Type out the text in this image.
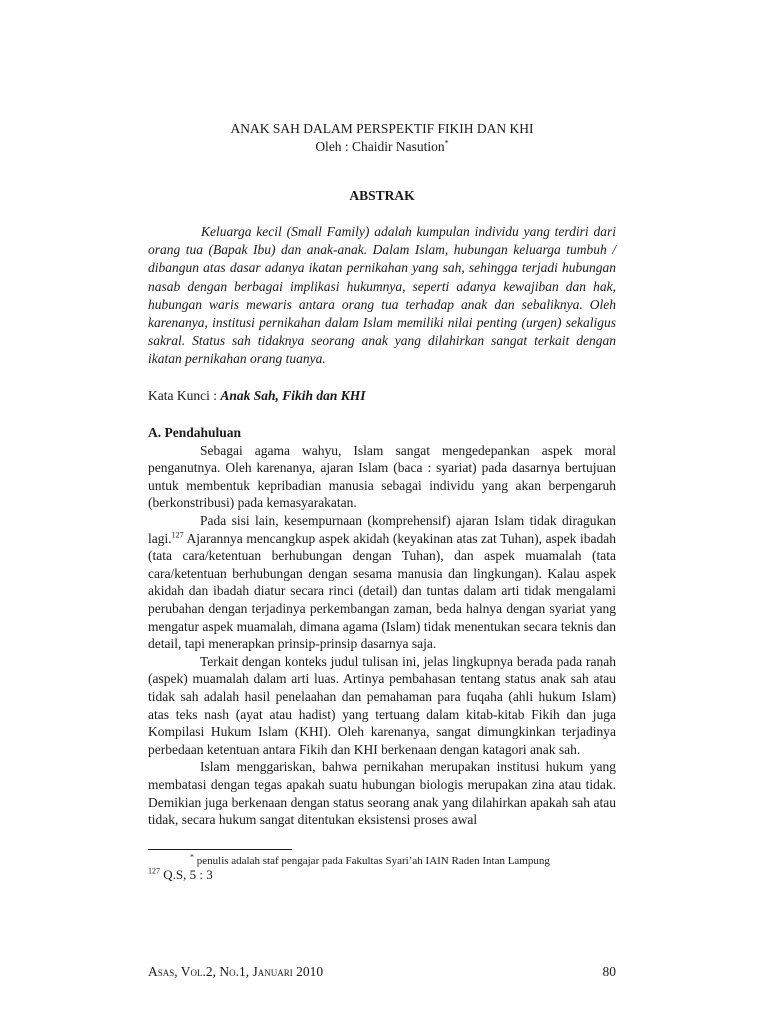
ANAK SAH DALAM PERSPEKTIF FIKIH DAN KHI

Oleh : Chaidir Nasution*

ABSTRAK

Keluarga kecil (Small Family) adalah kumpulan individu yang terdiri dari orang tua (Bapak Ibu) dan anak-anak. Dalam Islam, hubungan keluarga tumbuh / dibangun atas dasar adanya ikatan pernikahan yang sah, sehingga terjadi hubungan nasab dengan berbagai implikasi hukumnya, seperti adanya kewajiban dan hak, hubungan waris mewaris antara orang tua terhadap anak dan sebaliknya. Oleh karenanya, institusi pernikahan dalam Islam memiliki nilai penting (urgen) sekaligus sakral. Status sah tidaknya seorang anak yang dilahirkan sangat terkait dengan ikatan pernikahan orang tuanya.

Kata Kunci : Anak Sah, Fikih dan KHI

A. Pendahuluan

Sebagai agama wahyu, Islam sangat mengedepankan aspek moral penganutnya. Oleh karenanya, ajaran Islam (baca : syariat) pada dasarnya bertujuan untuk membentuk kepribadian manusia sebagai individu yang akan berpengaruh (berkonstribusi) pada kemasyarakatan.

Pada sisi lain, kesempurnaan (komprehensif) ajaran Islam tidak diragukan lagi.$^{127}$ Ajarannya mencangkup aspek akidah (keyakinan atas zat Tuhan), aspek ibadah (tata cara/ketentuan berhubungan dengan Tuhan), dan aspek muamalah (tata cara/ketentuan berhubungan dengan sesama manusia dan lingkungan). Kalau aspek akidah dan ibadah diatur secara rinci (detail) dan tuntas dalam arti tidak mengalami perubahan dengan terjadinya perkembangan zaman, beda halnya dengan syariat yang mengatur aspek muamalah, dimana agama (Islam) tidak menentukan secara teknis dan detail, tapi menerapkan prinsip-prinsip dasarnya saja.

Terkait dengan konteks judul tulisan ini, jelas lingkupnya berada pada ranah (aspek) muamalah dalam arti luas. Artinya pembahasan tentang status anak sah atau tidak sah adalah hasil penelaahan dan pemahaman para fuqaha (ahli hukum Islam) atas teks nash (ayat atau hadist) yang tertuang dalam kitab-kitab Fikih dan juga Kompilasi Hukum Islam (KHI). Oleh karenanya, sangat dimungkinkan terjadinya perbedaan ketentuan antara Fikih dan KHI berkenaan dengan katagori anak sah.

Islam menggariskan, bahwa pernikahan merupakan institusi hukum yang membatasi dengan tegas apakah suatu hubungan biologis merupakan zina atau tidak. Demikian juga berkenaan dengan status seorang anak yang dilahirkan apakah sah atau tidak, secara hukum sangat ditentukan eksistensi proses awal

* penulis adalah staf pengajar pada Fakultas Syari’ah IAIN Raden Intan Lampung
$^{127}$ Q.S, 5 : 3
Asas, Vol.2, No.1, Januari 2010	80
